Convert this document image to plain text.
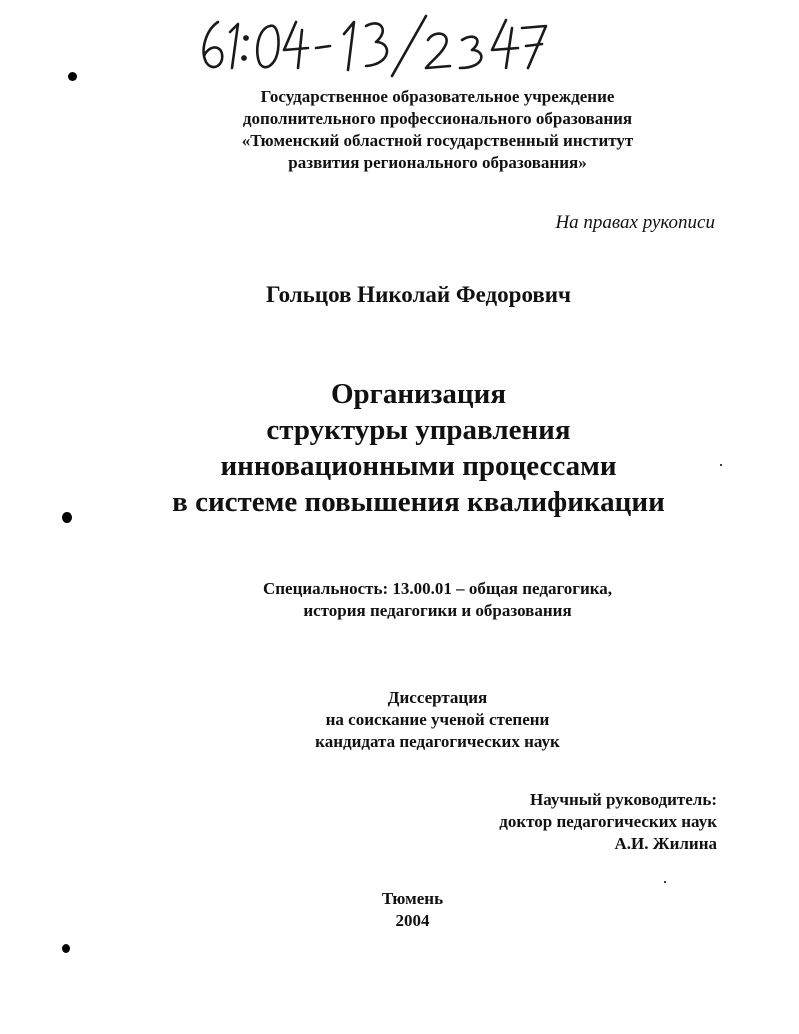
Государственное образовательное учреждение
дополнительного профессионального образования
«Тюменский областной государственный институт
развития регионального образования»
На правах рукописи
Гольцов Николай Федорович
Организация
структуры управления
инновационными процессами
в системе повышения квалификации
Специальность: 13.00.01 – общая педагогика,
история педагогики и образования
Диссертация
на соискание ученой степени
кандидата педагогических наук
Научный руководитель:
доктор педагогических наук
А.И. Жилина
Тюмень
2004
